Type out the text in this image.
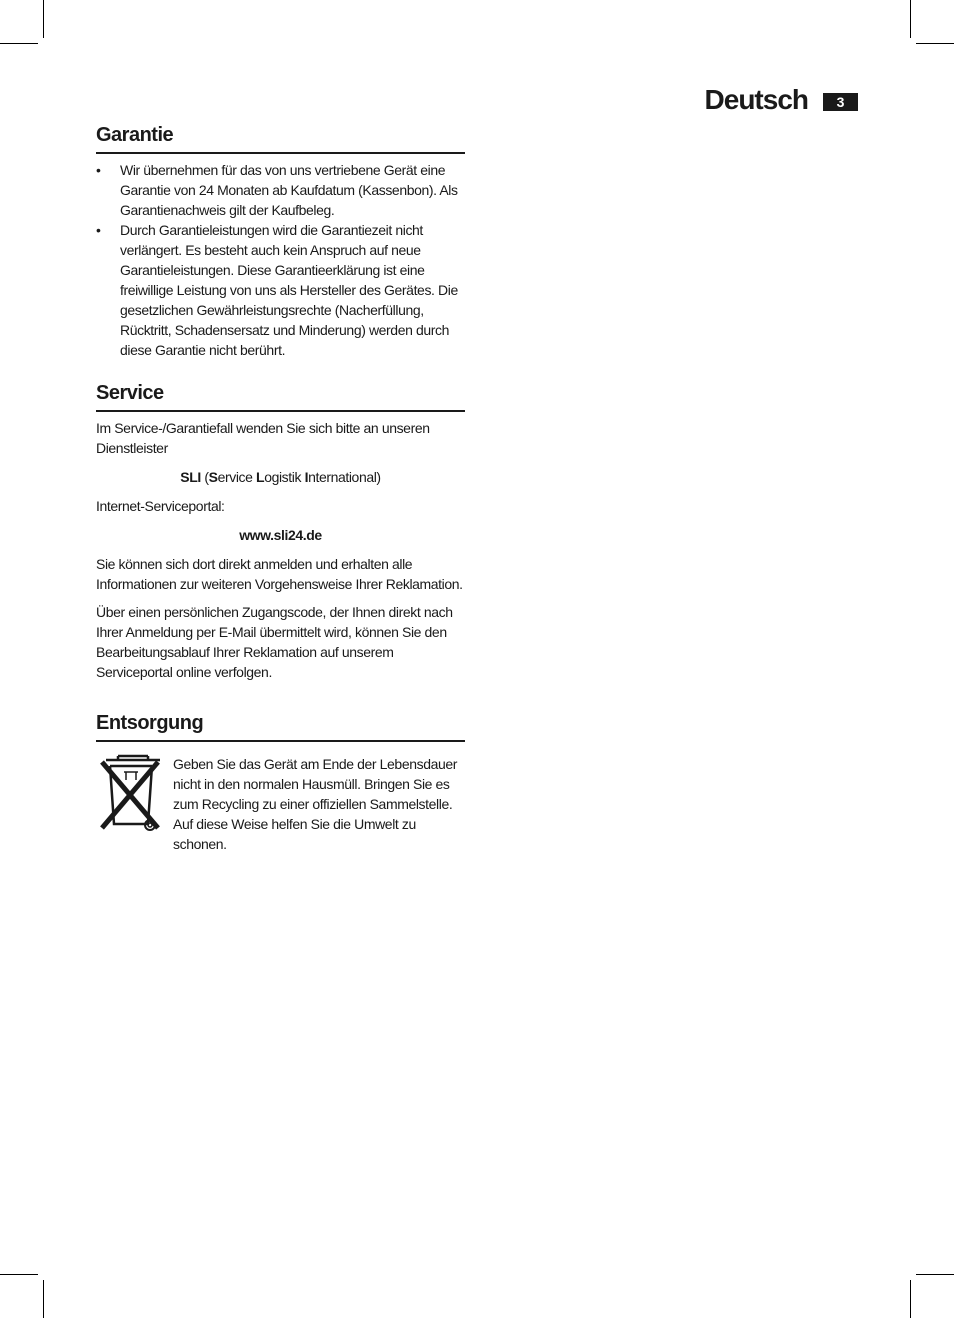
Deutsch	3
Garantie
•	Wir übernehmen für das von uns vertriebene Gerät eine Garantie von 24 Monaten ab Kaufdatum (Kassenbon). Als Garantienachweis gilt der Kaufbeleg.
•	Durch Garantieleistungen wird die Garantiezeit nicht verlängert. Es besteht auch kein Anspruch auf neue Garantieleistungen. Diese Garantieerklärung ist eine freiwillige Leistung von uns als Hersteller des Gerätes. Die gesetzlichen Gewährleistungsrechte (Nacherfüllung, Rücktritt, Schadensersatz und Minderung) werden durch diese Garantie nicht berührt.
Service

Im Service-/Garantiefall wenden Sie sich bitte an unseren Dienstleister

SLI (Service Logistik International)

Internet-Serviceportal:

www.sli24.de

Sie können sich dort direkt anmelden und erhalten alle Informationen zur weiteren Vorgehensweise Ihrer Reklamation.

Über einen persönlichen Zugangscode, der Ihnen direkt nach Ihrer Anmeldung per E-Mail übermittelt wird, können Sie den Bearbeitungsablauf Ihrer Reklamation auf unserem Serviceportal online verfolgen.

Entsorgung

Geben Sie das Gerät am Ende der Lebensdauer nicht in den normalen Hausmüll. Bringen Sie es zum Recycling zu einer offiziellen Sammelstelle. Auf diese Weise helfen Sie die Umwelt zu schonen.
